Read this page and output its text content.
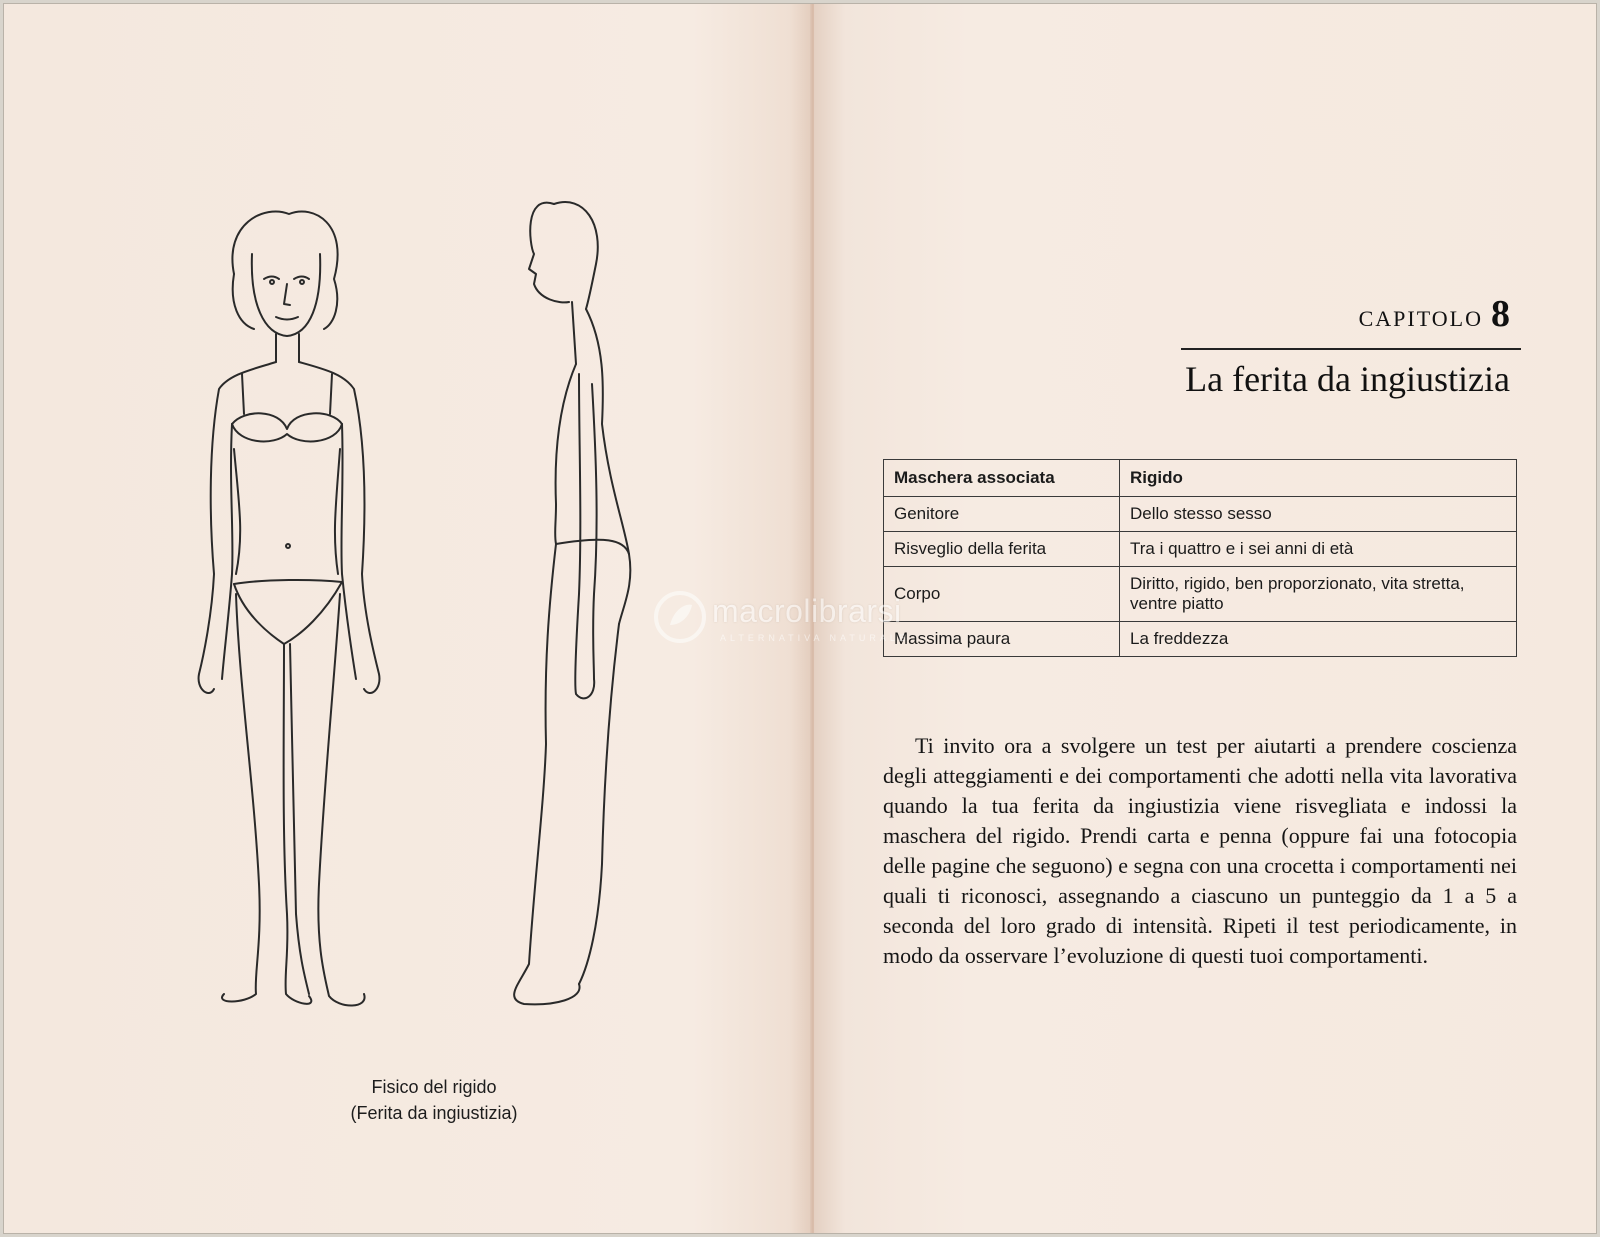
Fisico del rigido
(Ferita da ingiustizia)
CAPITOLO 8
La ferita da ingiustizia
Maschera associata	Rigido
Genitore	Dello stesso sesso
Risveglio della ferita	Tra i quattro e i sei anni di età
Corpo	Diritto, rigido, ben proporzionato, vita stretta, ventre piatto
Massima paura	La freddezza

Ti invito ora a svolgere un test per aiutarti a prendere coscienza degli atteggiamenti e dei comportamenti che adotti nella vita lavorativa quando la tua ferita da ingiustizia viene risvegliata e indossi la maschera del rigido. Prendi carta e penna (oppure fai una fotocopia delle pagine che seguono) e segna con una crocetta i comportamenti nei quali ti riconosci, assegnando a ciascuno un punteggio da 1 a 5 a seconda del loro grado di intensità. Ripeti il test periodicamente, in modo da osservare l’evoluzione di questi tuoi comportamenti.

macrolibrarsi
ALTERNATIVA NATURALE
